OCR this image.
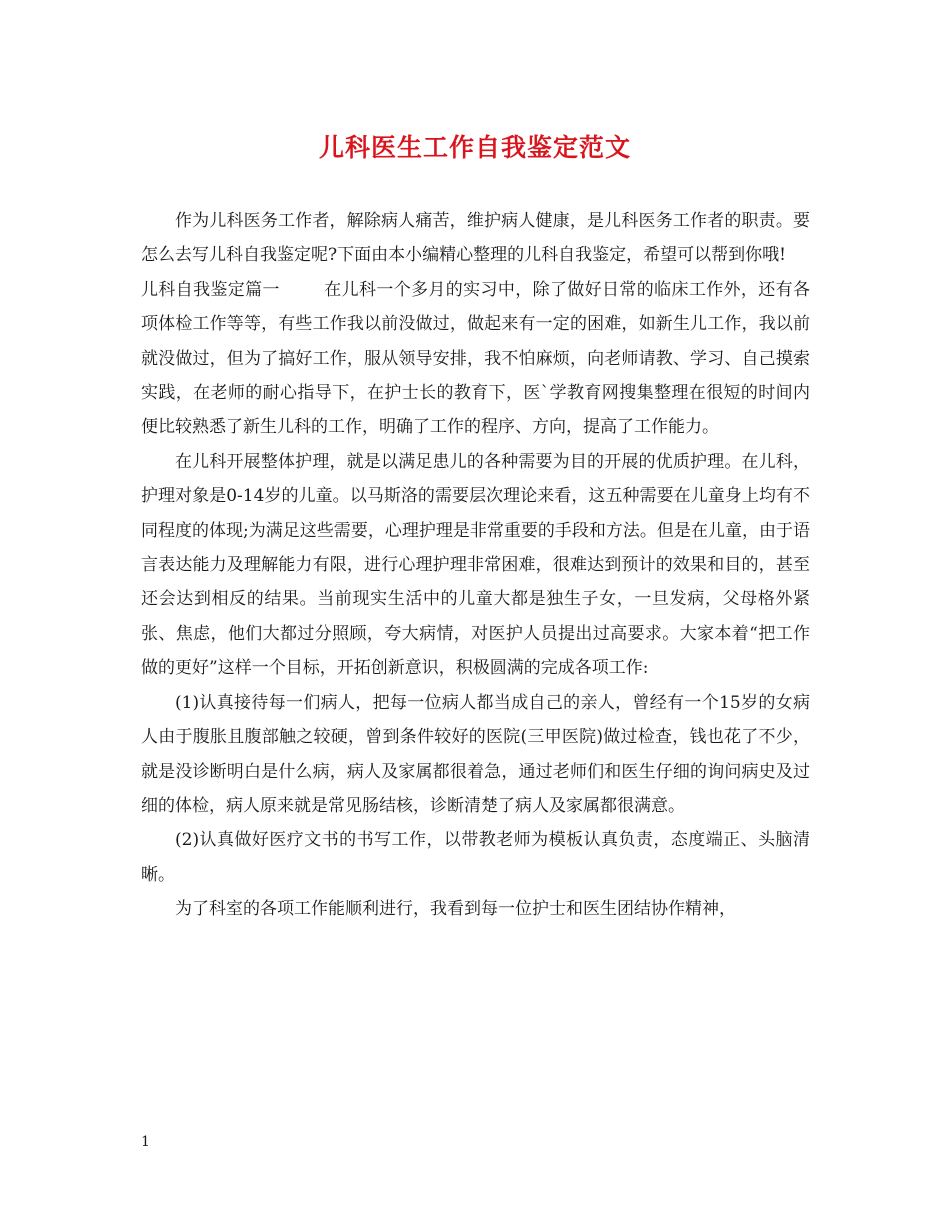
儿科医生工作自我鉴定范文

作为儿科医务工作者，解除病人痛苦，维护病人健康，是儿科医务工作者的职责。要怎么去写儿科自我鉴定呢?下面由本小编精心整理的儿科自我鉴定，希望可以帮到你哦!

儿科自我鉴定篇一	在儿科一个多月的实习中，除了做好日常的临床工作外，还有各项体检工作等等，有些工作我以前没做过，做起来有一定的困难，如新生儿工作，我以前就没做过，但为了搞好工作，服从领导安排，我不怕麻烦，向老师请教、学习、自己摸索实践，在老师的耐心指导下，在护士长的教育下，医`学教育网搜集整理在很短的时间内便比较熟悉了新生儿科的工作，明确了工作的程序、方向，提高了工作能力。

在儿科开展整体护理，就是以满足患儿的各种需要为目的开展的优质护理。在儿科，护理对象是0-14岁的儿童。以马斯洛的需要层次理论来看，这五种需要在儿童身上均有不同程度的体现;为满足这些需要，心理护理是非常重要的手段和方法。但是在儿童，由于语言表达能力及理解能力有限，进行心理护理非常困难，很难达到预计的效果和目的，甚至还会达到相反的结果。当前现实生活中的儿童大都是独生子女，一旦发病，父母格外紧张、焦虑，他们大都过分照顾，夸大病情，对医护人员提出过高要求。大家本着“把工作做的更好”这样一个目标，开拓创新意识，积极圆满的完成各项工作:

(1)认真接待每一们病人，把每一位病人都当成自己的亲人，曾经有一个15岁的女病人由于腹胀且腹部触之较硬，曾到条件较好的医院(三甲医院)做过检查，钱也花了不少，就是没诊断明白是什么病，病人及家属都很着急，通过老师们和医生仔细的询问病史及过细的体检，病人原来就是常见肠结核，诊断清楚了病人及家属都很满意。

(2)认真做好医疗文书的书写工作，以带教老师为模板认真负责，态度端正、头脑清晰。

为了科室的各项工作能顺利进行，我看到每一位护士和医生团结协作精神，

1
